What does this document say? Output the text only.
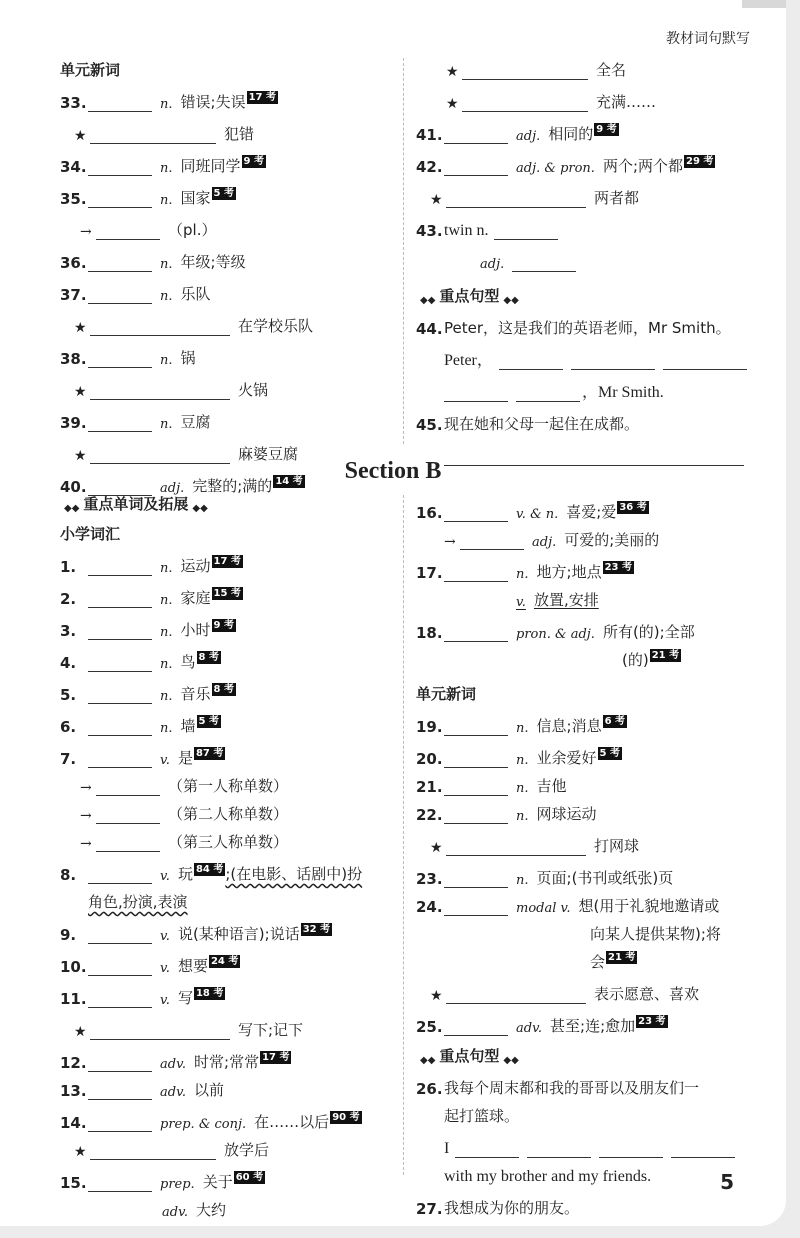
教材词句默写
单元新词
33.	n. 错误;失误 17 考
★	犯错
34.	n. 同班同学 9 考
35.	n. 国家 5 考
→	（pl.）
36.	n. 年级;等级
37.	n. 乐队
★	在学校乐队
38.	n. 锅
★	火锅
39.	n. 豆腐
★	麻婆豆腐
40.	adj. 完整的;满的 14 考
★	全名
★	充满……
41.	adj. 相同的 9 考
42.	adj. & pron. 两个;两个都 29 考
★	两者都
43. twin n.
adj.
◆◆ 重点句型 ◆◆
44. Peter，这是我们的英语老师，Mr Smith。
Peter，
，Mr Smith.
45. 现在她和父母一起住在成都。
Section B
◆◆ 重点单词及拓展 ◆◆
小学词汇
1.	n. 运动 17 考
2.	n. 家庭 15 考
3.	n. 小时 9 考
4.	n. 鸟 8 考
5.	n. 音乐 8 考
6.	n. 墙 5 考
7.	v. 是 87 考
→	（第一人称单数）
→	（第二人称单数）
→	（第三人称单数）
8.	v. 玩 84 考 ;(在电影、话剧中)扮
角色,扮演,表演
9.	v. 说(某种语言);说话 32 考
10.	v. 想要 24 考
11.	v. 写 18 考
★	写下;记下
12.	adv. 时常;常常 17 考
13.	adv. 以前
14.	prep. & conj. 在……以后 90 考
★	放学后
15.	prep. 关于 60 考
adv. 大约
16.	v. & n. 喜爱;爱 36 考
→	adj. 可爱的;美丽的
17.	n. 地方;地点 23 考
v. 放置,安排
18.	pron. & adj. 所有(的);全部
(的) 21 考
单元新词
19.	n. 信息;消息 6 考
20.	n. 业余爱好 5 考
21.	n. 吉他
22.	n. 网球运动
★	打网球
23.	n. 页面;(书刊或纸张)页
24.	modal v. 想(用于礼貌地邀请或
向某人提供某物);将
会 21 考
★	表示愿意、喜欢
25.	adv. 甚至;连;愈加 23 考
◆◆ 重点句型 ◆◆
26. 我每个周末都和我的哥哥以及朋友们一
起打篮球。
I
with my brother and my friends.
27. 我想成为你的朋友。
5
